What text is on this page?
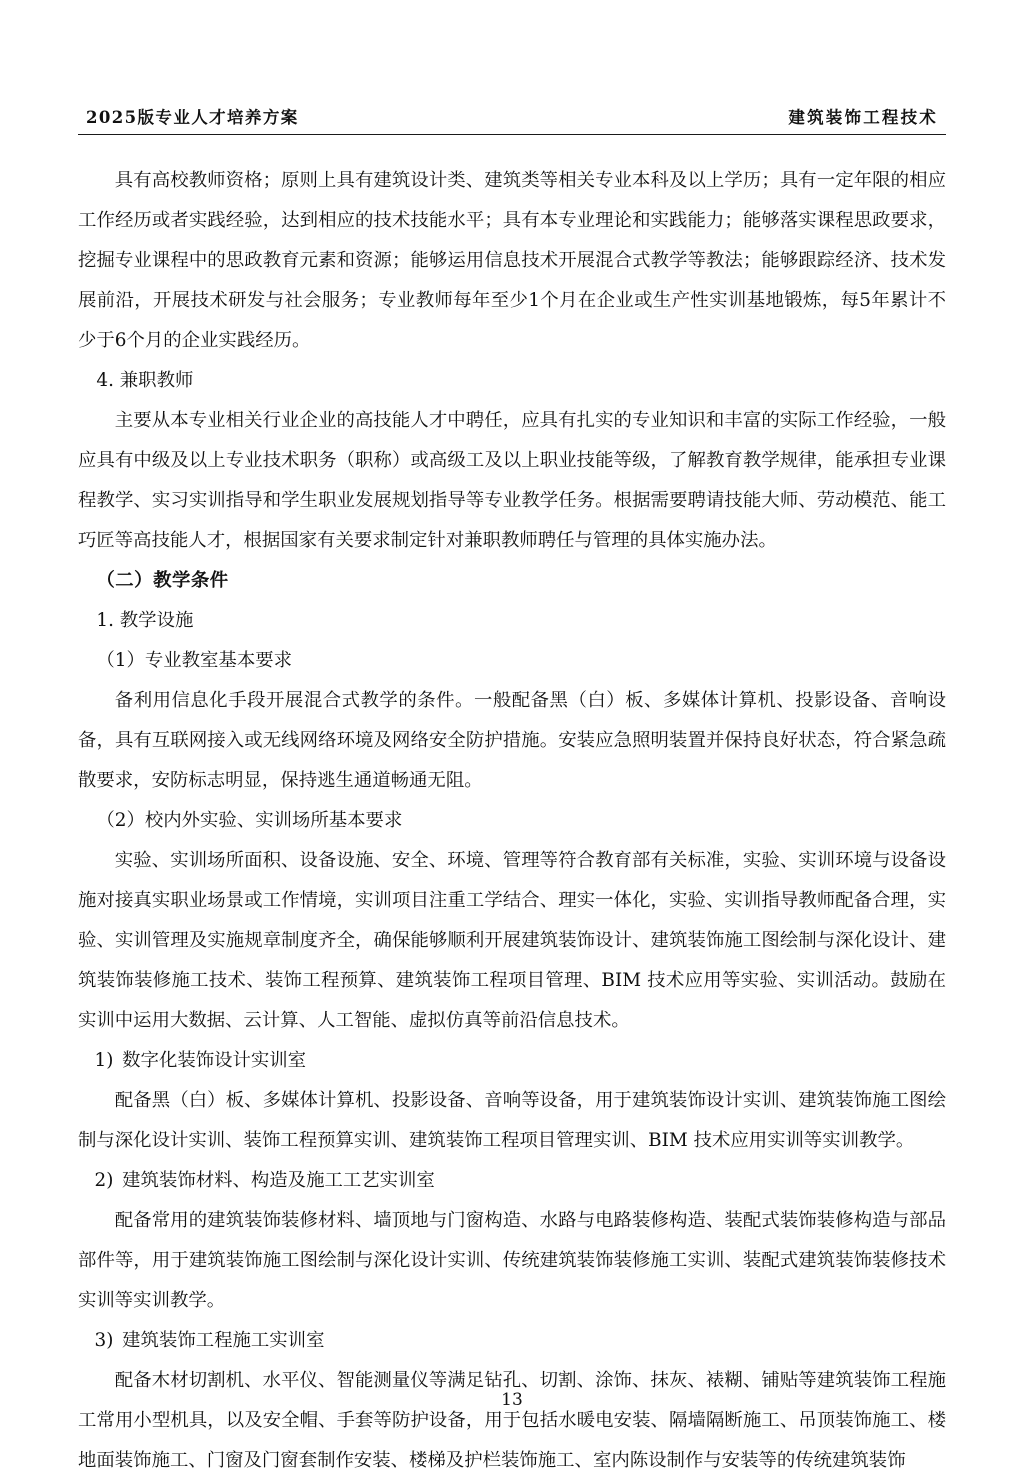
2025版专业人才培养方案	建筑装饰工程技术

具有高校教师资格；原则上具有建筑设计类、建筑类等相关专业本科及以上学历；具有一定年限的相应工作经历或者实践经验，达到相应的技术技能水平；具有本专业理论和实践能力；能够落实课程思政要求，挖掘专业课程中的思政教育元素和资源；能够运用信息技术开展混合式教学等教法；能够跟踪经济、技术发展前沿，开展技术研发与社会服务；专业教师每年至少1个月在企业或生产性实训基地锻炼，每5年累计不少于6个月的企业实践经历。

4. 兼职教师

主要从本专业相关行业企业的高技能人才中聘任，应具有扎实的专业知识和丰富的实际工作经验，一般应具有中级及以上专业技术职务（职称）或高级工及以上职业技能等级，了解教育教学规律，能承担专业课程教学、实习实训指导和学生职业发展规划指导等专业教学任务。根据需要聘请技能大师、劳动模范、能工巧匠等高技能人才，根据国家有关要求制定针对兼职教师聘任与管理的具体实施办法。

（二）教学条件

1. 教学设施

（1）专业教室基本要求

备利用信息化手段开展混合式教学的条件。一般配备黑（白）板、多媒体计算机、投影设备、音响设备，具有互联网接入或无线网络环境及网络安全防护措施。安装应急照明装置并保持良好状态，符合紧急疏散要求，安防标志明显，保持逃生通道畅通无阻。

（2）校内外实验、实训场所基本要求

实验、实训场所面积、设备设施、安全、环境、管理等符合教育部有关标准，实验、实训环境与设备设施对接真实职业场景或工作情境，实训项目注重工学结合、理实一体化，实验、实训指导教师配备合理，实验、实训管理及实施规章制度齐全，确保能够顺利开展建筑装饰设计、建筑装饰施工图绘制与深化设计、建筑装饰装修施工技术、装饰工程预算、建筑装饰工程项目管理、BIM 技术应用等实验、实训活动。鼓励在实训中运用大数据、云计算、人工智能、虚拟仿真等前沿信息技术。

1) 数字化装饰设计实训室

配备黑（白）板、多媒体计算机、投影设备、音响等设备，用于建筑装饰设计实训、建筑装饰施工图绘制与深化设计实训、装饰工程预算实训、建筑装饰工程项目管理实训、BIM 技术应用实训等实训教学。

2) 建筑装饰材料、构造及施工工艺实训室

配备常用的建筑装饰装修材料、墙顶地与门窗构造、水路与电路装修构造、装配式装饰装修构造与部品部件等，用于建筑装饰施工图绘制与深化设计实训、传统建筑装饰装修施工实训、装配式建筑装饰装修技术实训等实训教学。

3) 建筑装饰工程施工实训室

配备木材切割机、水平仪、智能测量仪等满足钻孔、切割、涂饰、抹灰、裱糊、铺贴等建筑装饰工程施工常用小型机具，以及安全帽、手套等防护设备，用于包括水暖电安装、隔墙隔断施工、吊顶装饰施工、楼地面装饰施工、门窗及门窗套制作安装、楼梯及护栏装饰施工、室内陈设制作与安装等的传统建筑装饰

13
